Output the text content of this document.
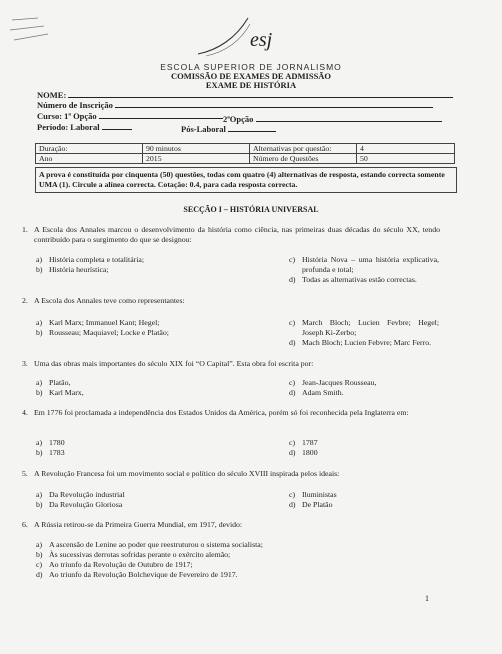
esj
ESCOLA SUPERIOR DE JORNALISMO
COMISSÃO DE EXAMES DE ADMISSÃO
EXAME DE HISTÓRIA
NOME:
Número de Inscrição
Curso: 1ª Opção	2ªOpção
Período: Laboral	Pós-Laboral
Duração:	90 minutos	Alternativas por questão:	4
Ano	2015	Número de Questões	50
A prova é constituída por cinquenta (50) questões, todas com quatro (4) alternativas de resposta, estando correcta somente UMA (1). Circule a alínea correcta. Cotação: 0.4, para cada resposta correcta.
SECÇÃO I – HISTÓRIA UNIVERSAL
1. A Escola dos Annales marcou o desenvolvimento da história como ciência, nas primeiras duas décadas do século XX, tendo contribuído para o surgimento do que se designou:
a) História completa e totalitária;
b) História heurística;
c) História Nova – uma história explicativa, profunda e total;
d) Todas as alternativas estão correctas.
2. A Escola dos Annales teve como representantes:
a) Karl Marx; Immanuel Kant; Hegel;
b) Rousseau; Maquiavel; Locke e Platão;
c) March Bloch; Lucien Fevbre; Hegel; Joseph Ki-Zerbo;
d) Mach Bloch; Lucien Febvre; Marc Ferro.
3. Uma das obras mais importantes do século XIX foi “O Capital”. Esta obra foi escrita por:
a) Platão,
b) Karl Marx,
c) Jean-Jacques Rousseau,
d) Adam Smith.
4. Em 1776 foi proclamada a independência dos Estados Unidos da América, porém só foi reconhecida pela Inglaterra em:
a) 1780
b) 1783
c) 1787
d) 1800
5. A Revolução Francesa foi um movimento social e político do século XVIII inspirada pelos ideais:
a) Da Revolução industrial
b) Da Revolução Gloriosa
c) Iluministas
d) De Platão
6. A Rússia retirou-se da Primeira Guerra Mundial, em 1917, devido:
a) A ascensão de Lenine ao poder que reestruturou o sistema socialista;
b) Às sucessivas derrotas sofridas perante o exército alemão;
c) Ao triunfo da Revolução de Outubro de 1917;
d) Ao triunfo da Revolução Bolchevique de Fevereiro de 1917.
1
